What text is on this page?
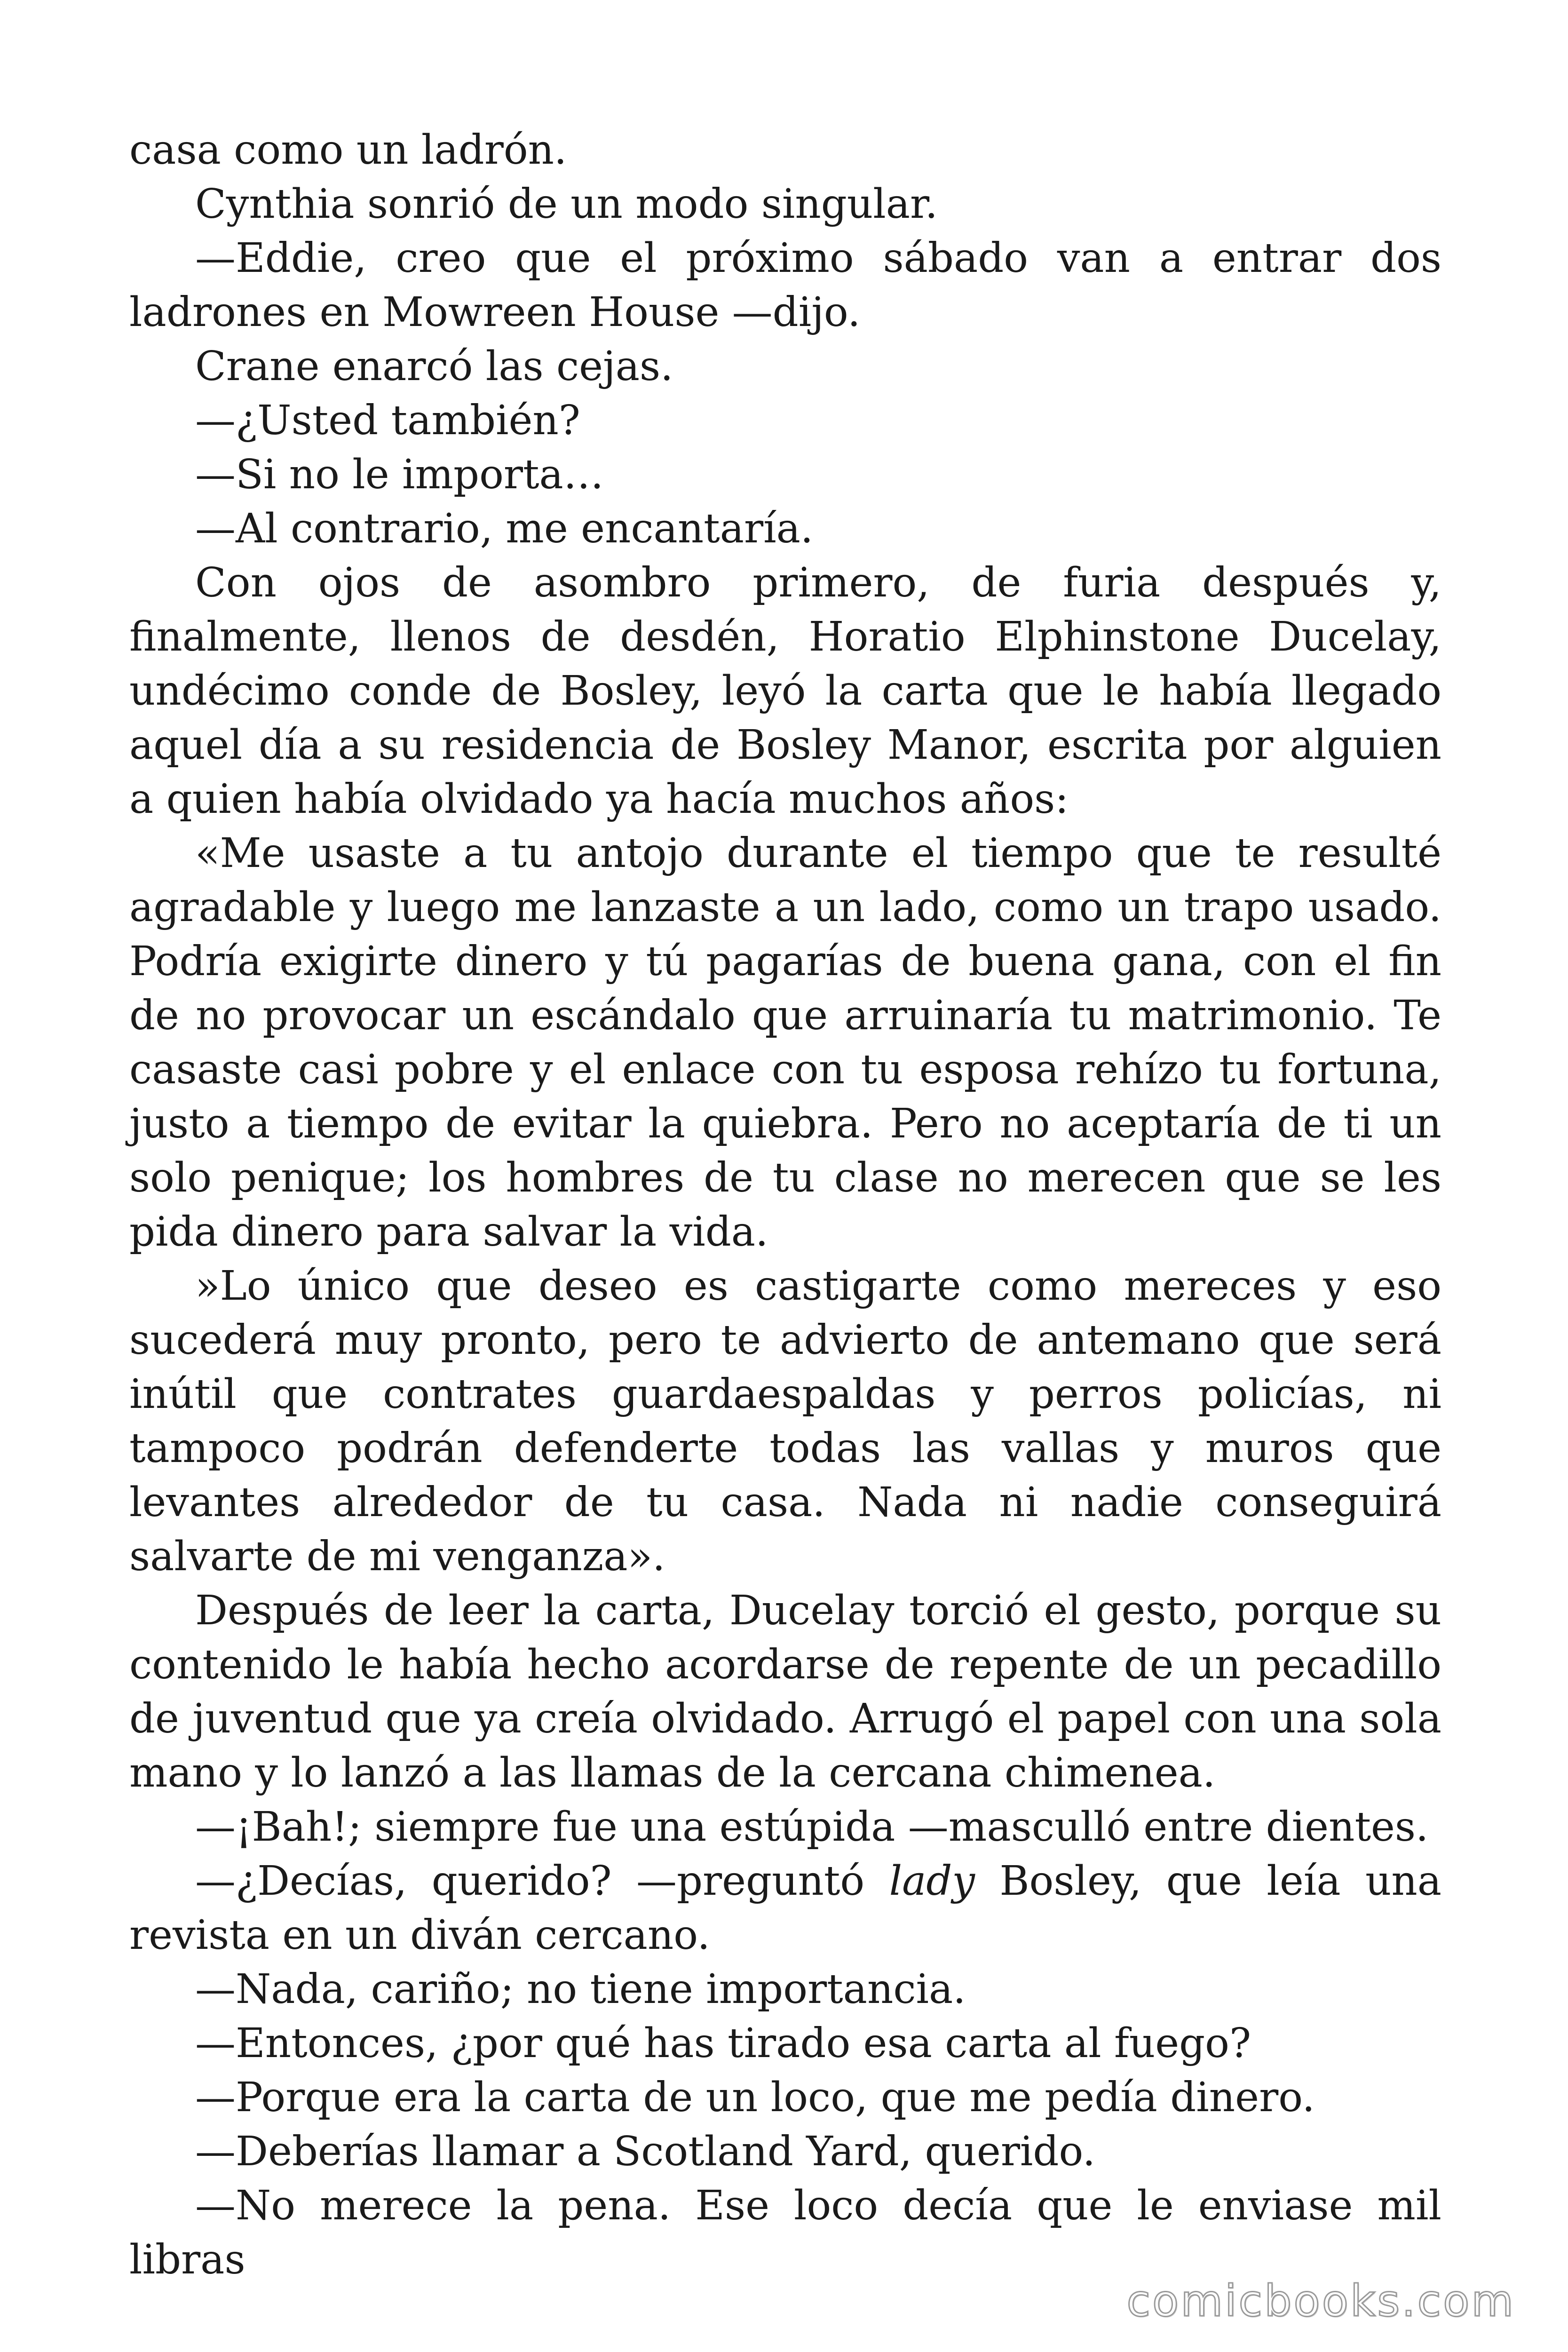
casa como un ladrón.

Cynthia sonrió de un modo singular.

—Eddie, creo que el próximo sábado van a entrar dos ladrones en Mowreen House —dijo.

Crane enarcó las cejas.

—¿Usted también?

—Si no le importa…

—Al contrario, me encantaría.

Con ojos de asombro primero, de furia después y, finalmente, llenos de desdén, Horatio Elphinstone Ducelay, undécimo conde de Bosley, leyó la carta que le había llegado aquel día a su residencia de Bosley Manor, escrita por alguien a quien había olvidado ya hacía muchos años:

«Me usaste a tu antojo durante el tiempo que te resulté agradable y luego me lanzaste a un lado, como un trapo usado. Podría exigirte dinero y tú pagarías de buena gana, con el fin de no provocar un escándalo que arruinaría tu matrimonio. Te casaste casi pobre y el enlace con tu esposa rehízo tu fortuna, justo a tiempo de evitar la quiebra. Pero no aceptaría de ti un solo penique; los hombres de tu clase no merecen que se les pida dinero para salvar la vida.

»Lo único que deseo es castigarte como mereces y eso sucederá muy pronto, pero te advierto de antemano que será inútil que contrates guardaespaldas y perros policías, ni tampoco podrán defenderte todas las vallas y muros que levantes alrededor de tu casa. Nada ni nadie conseguirá salvarte de mi venganza».

Después de leer la carta, Ducelay torció el gesto, porque su contenido le había hecho acordarse de repente de un pecadillo de juventud que ya creía olvidado. Arrugó el papel con una sola mano y lo lanzó a las llamas de la cercana chimenea.

—¡Bah!; siempre fue una estúpida —masculló entre dientes.

—¿Decías, querido? —preguntó lady Bosley, que leía una revista en un diván cercano.

—Nada, cariño; no tiene importancia.

—Entonces, ¿por qué has tirado esa carta al fuego?

—Porque era la carta de un loco, que me pedía dinero.

—Deberías llamar a Scotland Yard, querido.

—No merece la pena. Ese loco decía que le enviase mil libras

comicbooks.com
